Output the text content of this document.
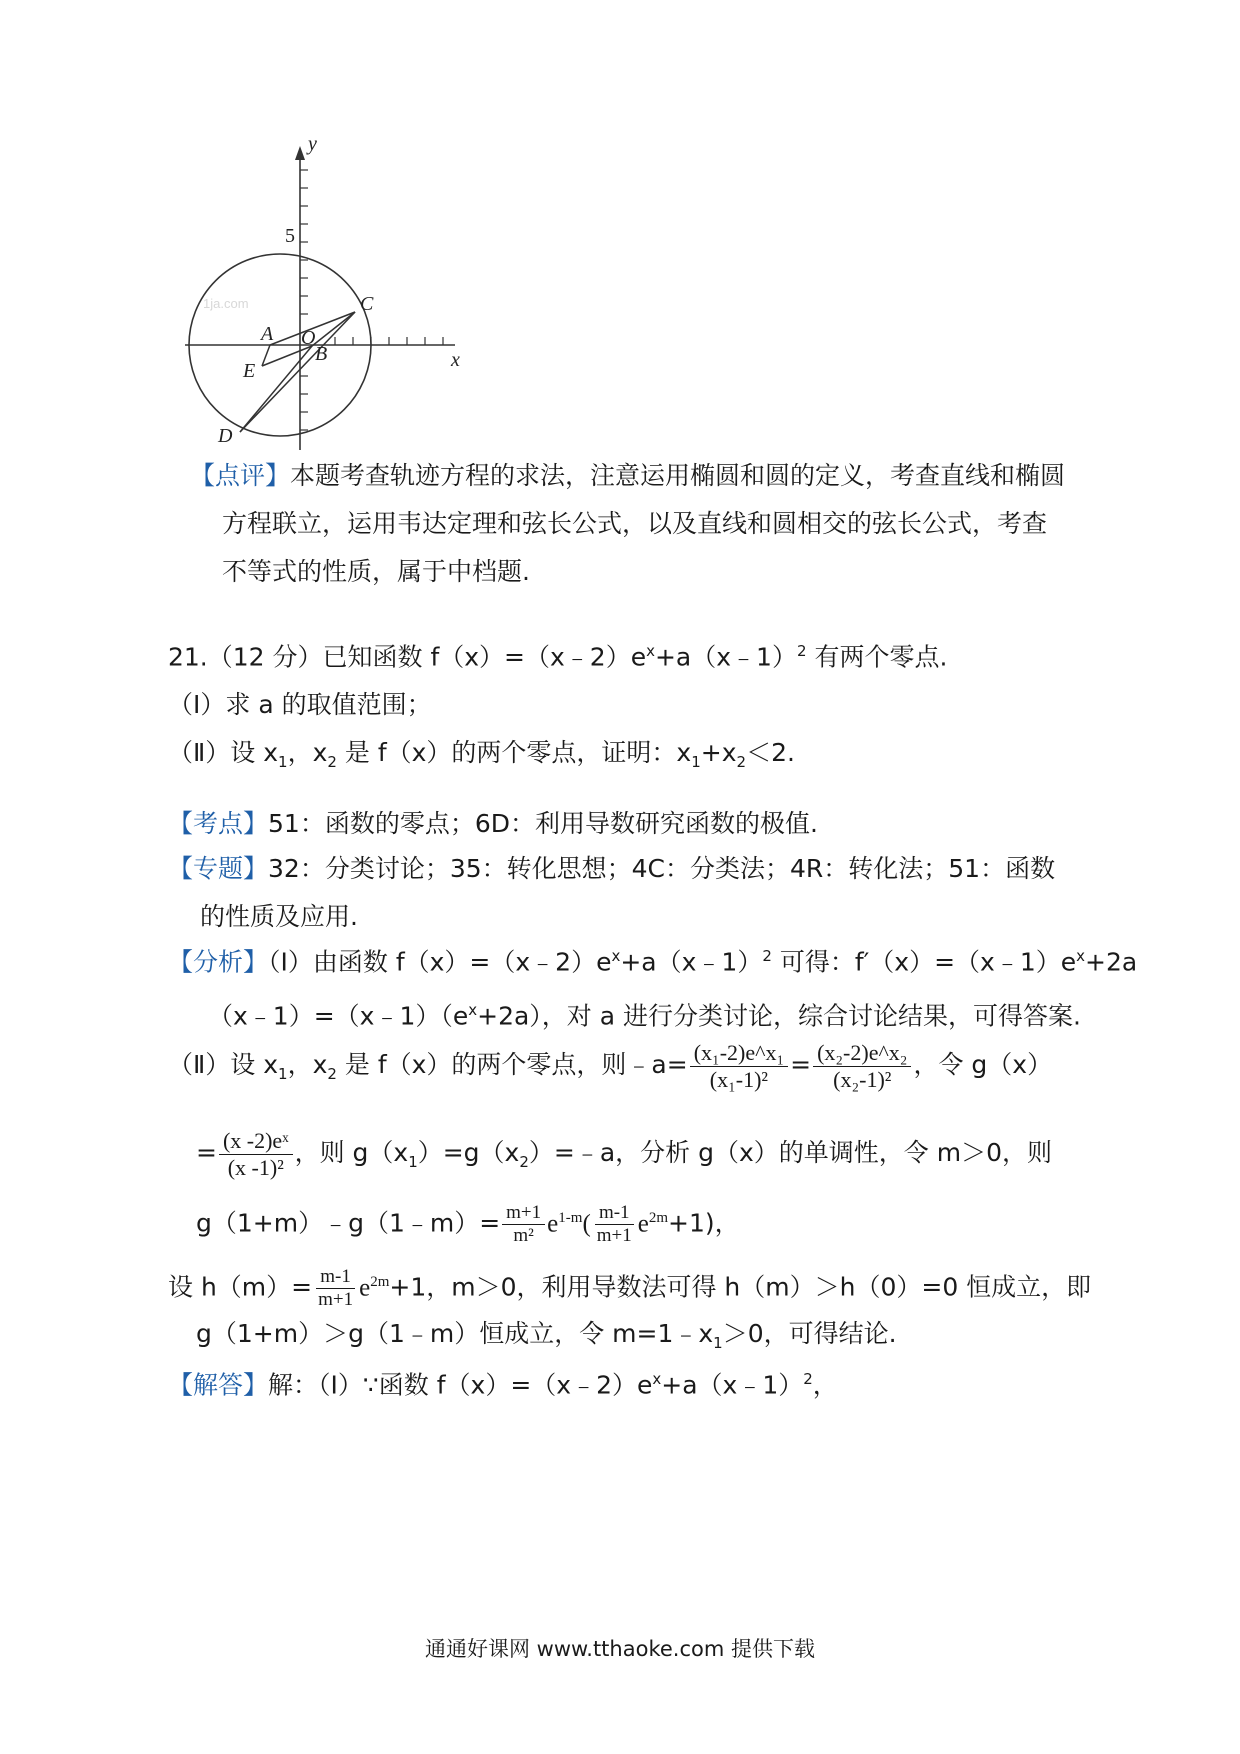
1ja.com
y
x
5
A O
B
C
E
D
【点评】本题考查轨迹方程的求法，注意运用椭圆和圆的定义，考查直线和椭圆
方程联立，运用韦达定理和弦长公式，以及直线和圆相交的弦长公式，考查
不等式的性质，属于中档题.
21.（12 分）已知函数 $f(x)=(x﹣2)e^x+a(x﹣1)^2$ 有两个零点.
（Ⅰ）求 a 的取值范围；
（Ⅱ）设 $x_1$，$x_2$ 是 f（x）的两个零点，证明：$x_1+x_2<2$.
【考点】51：函数的零点；6D：利用导数研究函数的极值.
【专题】32：分类讨论；35：转化思想；4C：分类法；4R：转化法；51：函数
的性质及应用.
【分析】（Ⅰ）由函数 $f(x)=(x﹣2)e^x+a(x﹣1)^2$ 可得：$f'(x)=(x﹣1)e^x+2a$
$(x﹣1)=(x﹣1)(e^x+2a)$，对 a 进行分类讨论，综合讨论结果，可得答案.
（Ⅱ）设 $x_1$，$x_2$ 是 f（x）的两个零点，则﹣a= $\frac{\text{(x₁-2)e\textasciicircum{}x₁}}{\text{(x₁-1)²}} = \frac{\text{(x₂-2)e\textasciicircum{}x₂}}{\text{(x₂-1)²}}$ ，令 g（x）
= $\frac{\text{(x -2)eˣ}}{\text{(x -1)²}}$ ，则 $g(x_1)=g(x_2)=﹣a$，分析 g（x）的单调性，令 m＞0，则
g（1+m）﹣g（1﹣m）= $\frac{m+1}{\text{m²}} e^{1-m}( \frac{m-1}{m+1} e^{2m}+1)$，
设 $h(m)= \frac{m-1}{m+1} e^{2m}+1$，m＞0，利用导数法可得 h（m）＞h（0）=0 恒成立，即
g（1+m）＞g（1﹣m）恒成立，令 $m=1﹣x_1>0$，可得结论.
【解答】解：（Ⅰ）∵函数 $f(x)=(x﹣2)e^x+a(x﹣1)^2$，
通通好课网 www.tthaoke.com 提供下载
